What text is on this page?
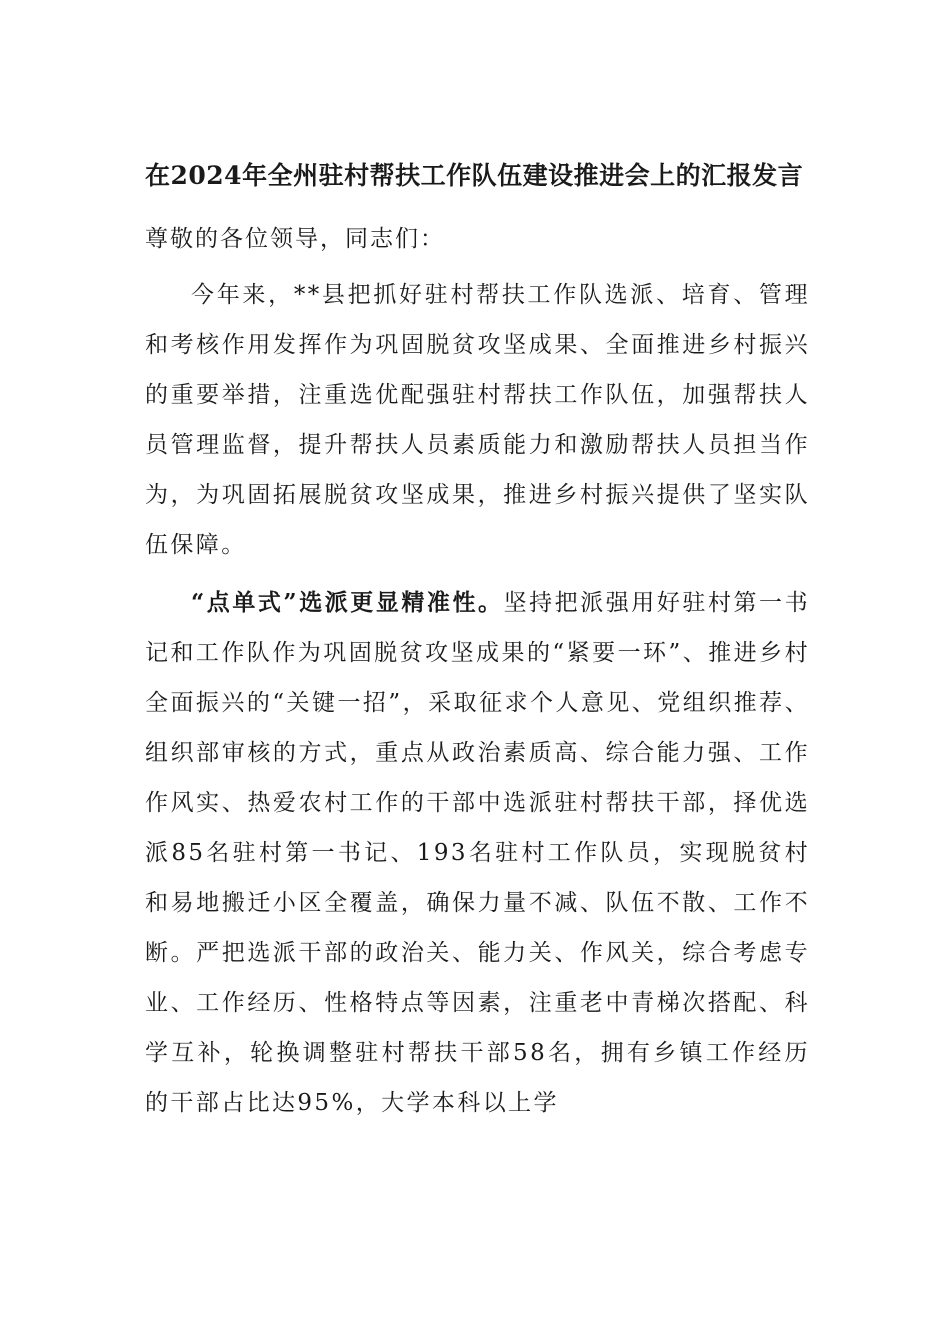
在2024年全州驻村帮扶工作队伍建设推进会上的汇报发言
尊敬的各位领导，同志们：

今年来，**县把抓好驻村帮扶工作队选派、培育、管理和考核作用发挥作为巩固脱贫攻坚成果、全面推进乡村振兴的重要举措，注重选优配强驻村帮扶工作队伍，加强帮扶人员管理监督，提升帮扶人员素质能力和激励帮扶人员担当作为，为巩固拓展脱贫攻坚成果，推进乡村振兴提供了坚实队伍保障。

“点单式”选派更显精准性。坚持把派强用好驻村第一书记和工作队作为巩固脱贫攻坚成果的“紧要一环”、推进乡村全面振兴的“关键一招”，采取征求个人意见、党组织推荐、组织部审核的方式，重点从政治素质高、综合能力强、工作作风实、热爱农村工作的干部中选派驻村帮扶干部，择优选派85名驻村第一书记、193名驻村工作队员，实现脱贫村和易地搬迁小区全覆盖，确保力量不减、队伍不散、工作不断。严把选派干部的政治关、能力关、作风关，综合考虑专业、工作经历、性格特点等因素，注重老中青梯次搭配、科学互补，轮换调整驻村帮扶干部58名，拥有乡镇工作经历的干部占比达95%，大学本科以上学
